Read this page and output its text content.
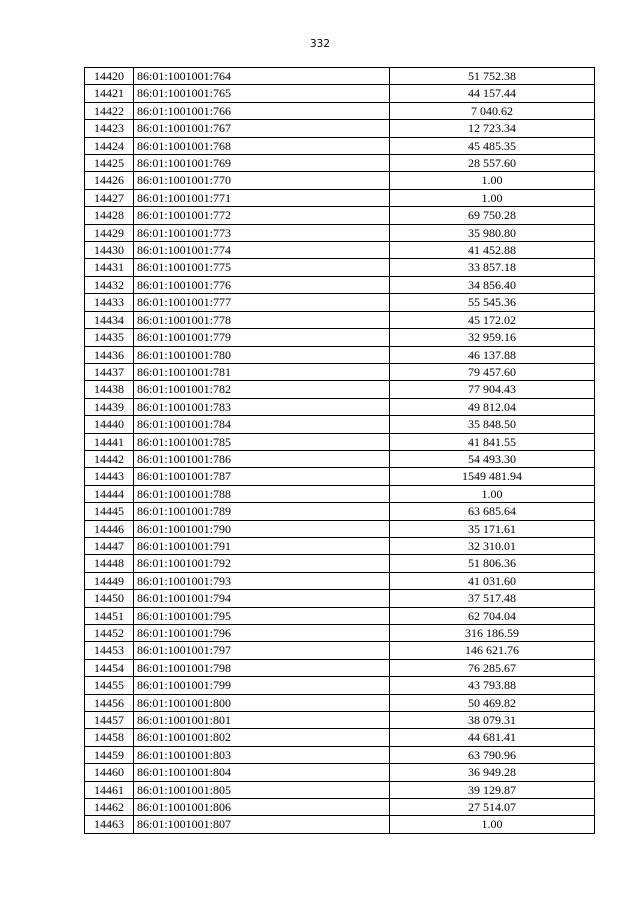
332
14420	86:01:1001001:764	51 752.38
14421	86:01:1001001:765	44 157.44
14422	86:01:1001001:766	7 040.62
14423	86:01:1001001:767	12 723.34
14424	86:01:1001001:768	45 485.35
14425	86:01:1001001:769	28 557.60
14426	86:01:1001001:770	1.00
14427	86:01:1001001:771	1.00
14428	86:01:1001001:772	69 750.28
14429	86:01:1001001:773	35 980.80
14430	86:01:1001001:774	41 452.88
14431	86:01:1001001:775	33 857.18
14432	86:01:1001001:776	34 856.40
14433	86:01:1001001:777	55 545.36
14434	86:01:1001001:778	45 172.02
14435	86:01:1001001:779	32 959.16
14436	86:01:1001001:780	46 137.88
14437	86:01:1001001:781	79 457.60
14438	86:01:1001001:782	77 904.43
14439	86:01:1001001:783	49 812.04
14440	86:01:1001001:784	35 848.50
14441	86:01:1001001:785	41 841.55
14442	86:01:1001001:786	54 493.30
14443	86:01:1001001:787	1549 481.94
14444	86:01:1001001:788	1.00
14445	86:01:1001001:789	63 685.64
14446	86:01:1001001:790	35 171.61
14447	86:01:1001001:791	32 310.01
14448	86:01:1001001:792	51 806.36
14449	86:01:1001001:793	41 031.60
14450	86:01:1001001:794	37 517.48
14451	86:01:1001001:795	62 704.04
14452	86:01:1001001:796	316 186.59
14453	86:01:1001001:797	146 621.76
14454	86:01:1001001:798	76 285.67
14455	86:01:1001001:799	43 793.88
14456	86:01:1001001:800	50 469.82
14457	86:01:1001001:801	38 079.31
14458	86:01:1001001:802	44 681.41
14459	86:01:1001001:803	63 790.96
14460	86:01:1001001:804	36 949.28
14461	86:01:1001001:805	39 129.87
14462	86:01:1001001:806	27 514.07
14463	86:01:1001001:807	1.00
